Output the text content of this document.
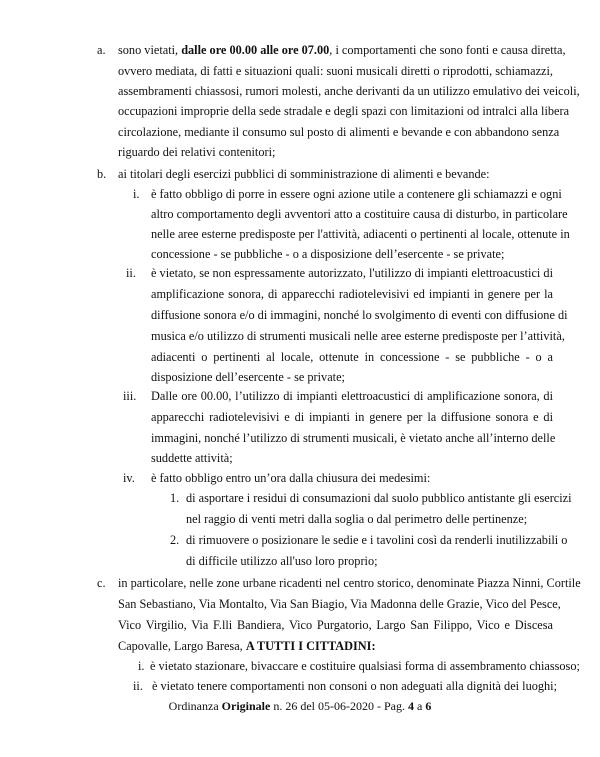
a. sono vietati, dalle ore 00.00 alle ore 07.00, i comportamenti che sono fonti e causa diretta,
ovvero mediata, di fatti e situazioni quali: suoni musicali diretti o riprodotti, schiamazzi,
assembramenti chiassosi, rumori molesti, anche derivanti da un utilizzo emulativo dei veicoli,
occupazioni improprie della sede stradale e degli spazi con limitazioni od intralci alla libera
circolazione, mediante il consumo sul posto di alimenti e bevande e con abbandono senza
riguardo dei relativi contenitori;
b. ai titolari degli esercizi pubblici di somministrazione di alimenti e bevande:
i. è fatto obbligo di porre in essere ogni azione utile a contenere gli schiamazzi e ogni
altro comportamento degli avventori atto a costituire causa di disturbo, in particolare
nelle aree esterne predisposte per l'attività, adiacenti o pertinenti al locale, ottenute in
concessione - se pubbliche - o a disposizione dell’esercente - se private;
ii. è vietato, se non espressamente autorizzato, l'utilizzo di impianti elettroacustici di
amplificazione sonora, di apparecchi radiotelevisivi ed impianti in genere per la
diffusione sonora e/o di immagini, nonché lo svolgimento di eventi con diffusione di
musica e/o utilizzo di strumenti musicali nelle aree esterne predisposte per l’attività,
adiacenti o pertinenti al locale, ottenute in concessione - se pubbliche - o a
disposizione dell’esercente - se private;
iii. Dalle ore 00.00, l’utilizzo di impianti elettroacustici di amplificazione sonora, di
apparecchi radiotelevisivi e di impianti in genere per la diffusione sonora e di
immagini, nonché l’utilizzo di strumenti musicali, è vietato anche all’interno delle
suddette attività;
iv. è fatto obbligo entro un’ora dalla chiusura dei medesimi:
1. di asportare i residui di consumazioni dal suolo pubblico antistante gli esercizi
nel raggio di venti metri dalla soglia o dal perimetro delle pertinenze;
2. di rimuovere o posizionare le sedie e i tavolini così da renderli inutilizzabili o
di difficile utilizzo all'uso loro proprio;
c. in particolare, nelle zone urbane ricadenti nel centro storico, denominate Piazza Ninni, Cortile
San Sebastiano, Via Montalto, Via San Biagio, Via Madonna delle Grazie, Vico del Pesce,
Vico Virgilio, Via F.lli Bandiera, Vico Purgatorio, Largo San Filippo, Vico e Discesa
Capovalle, Largo Baresa, A TUTTI I CITTADINI:
i. è vietato stazionare, bivaccare e costituire qualsiasi forma di assembramento chiassoso;
ii. è vietato tenere comportamenti non consoni o non adeguati alla dignità dei luoghi;
Ordinanza Originale n. 26 del 05-06-2020 - Pag. 4 a 6
